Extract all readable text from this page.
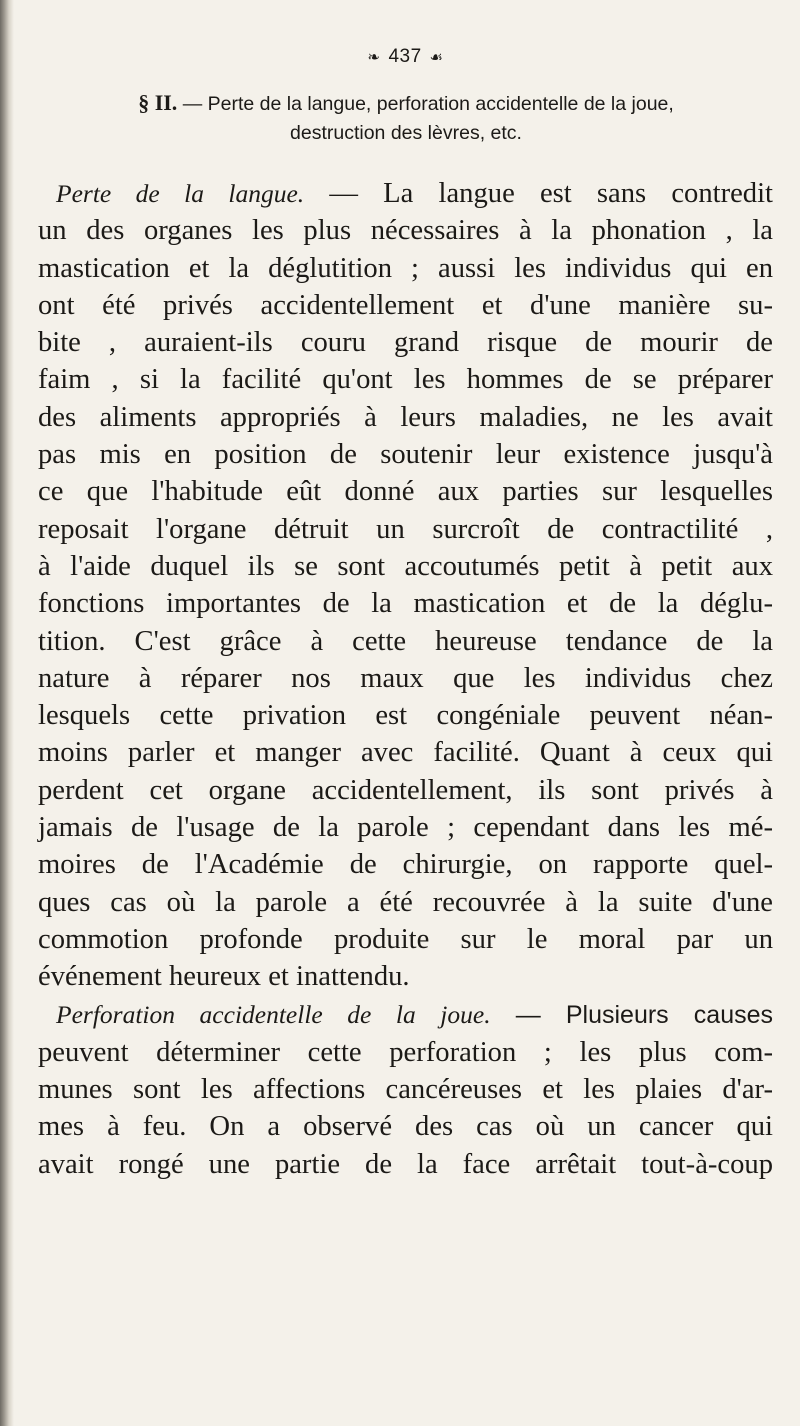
❧ 437 ☙
§ II. — Perte de la langue, perforation accidentelle de la joue,
destruction des lèvres, etc.
Perte de la langue. — La langue est sans contredit
un des organes les plus nécessaires à la phonation , la
mastication et la déglutition ; aussi les individus qui en
ont été privés accidentellement et d'une manière su-
bite , auraient-ils couru grand risque de mourir de
faim , si la facilité qu'ont les hommes de se préparer
des aliments appropriés à leurs maladies, ne les avait
pas mis en position de soutenir leur existence jusqu'à
ce que l'habitude eût donné aux parties sur lesquelles
reposait l'organe détruit un surcroît de contractilité ,
à l'aide duquel ils se sont accoutumés petit à petit aux
fonctions importantes de la mastication et de la déglu-
tition. C'est grâce à cette heureuse tendance de la
nature à réparer nos maux que les individus chez
lesquels cette privation est congéniale peuvent néan-
moins parler et manger avec facilité. Quant à ceux qui
perdent cet organe accidentellement, ils sont privés à
jamais de l'usage de la parole ; cependant dans les mé-
moires de l'Académie de chirurgie, on rapporte quel-
ques cas où la parole a été recouvrée à la suite d'une
commotion profonde produite sur le moral par un
événement heureux et inattendu.
Perforation accidentelle de la joue. — Plusieurs causes
peuvent déterminer cette perforation ; les plus com-
munes sont les affections cancéreuses et les plaies d'ar-
mes à feu. On a observé des cas où un cancer qui
avait rongé une partie de la face arrêtait tout-à-coup
